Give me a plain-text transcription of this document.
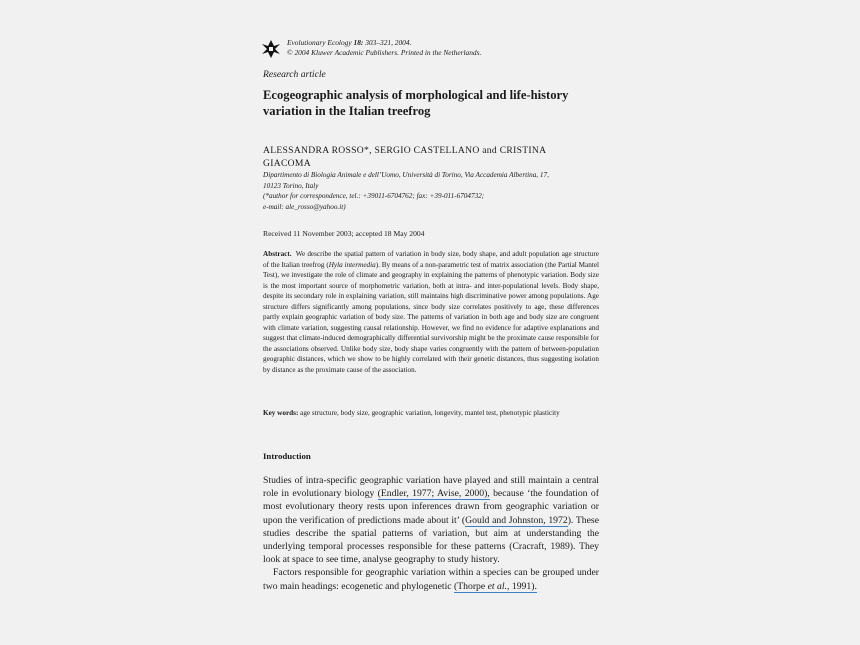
Evolutionary Ecology 18: 303–321, 2004.
© 2004 Kluwer Academic Publishers. Printed in the Netherlands.
Research article
Ecogeographic analysis of morphological and life-history variation in the Italian treefrog
ALESSANDRA ROSSO*, SERGIO CASTELLANO and CRISTINA GIACOMA
Dipartimento di Biologia Animale e dell’Uomo, Università di Torino, Via Accademia Albertina, 17,
10123 Torino, Italy
(*author for correspondence, tel.: +39011-6704762; fax: +39-011-6704732;
e-mail: ale_rosso@yahoo.it)
Received 11 November 2003; accepted 18 May 2004
Abstract. We describe the spatial pattern of variation in body size, body shape, and adult population age structure of the Italian treefrog (Hyla intermedia). By means of a non-parametric test of matrix association (the Partial Mantel Test), we investigate the role of climate and geography in explaining the patterns of phenotypic variation. Body size is the most important source of morphometric variation, both at intra- and inter-populational levels. Body shape, despite its secondary role in explaining variation, still maintains high discriminative power among populations. Age structure differs significantly among populations, since body size correlates positively to age, these differences partly explain geographic variation of body size. The patterns of variation in both age and body size are congruent with climate variation, suggesting causal relationship. However, we find no evidence for adaptive explanations and suggest that climate-induced demographically differential survivorship might be the proximate cause responsible for the associations observed. Unlike body size, body shape varies congruently with the pattern of between-population geographic distances, which we show to be highly correlated with their genetic distances, thus suggesting isolation by distance as the proximate cause of the association.
Key words: age structure, body size, geographic variation, longevity, mantel test, phenotypic plasticity
Introduction

Studies of intra-specific geographic variation have played and still maintain a central role in evolutionary biology (Endler, 1977; Avise, 2000), because ‘the foundation of most evolutionary theory rests upon inferences drawn from geographic variation or upon the verification of predictions made about it’ (Gould and Johnston, 1972). These studies describe the spatial patterns of variation, but aim at understanding the underlying temporal processes responsible for these patterns (Cracraft, 1989). They look at space to see time, analyse geography to study history.

Factors responsible for geographic variation within a species can be grouped under two main headings: ecogenetic and phylogenetic (Thorpe et al., 1991).
